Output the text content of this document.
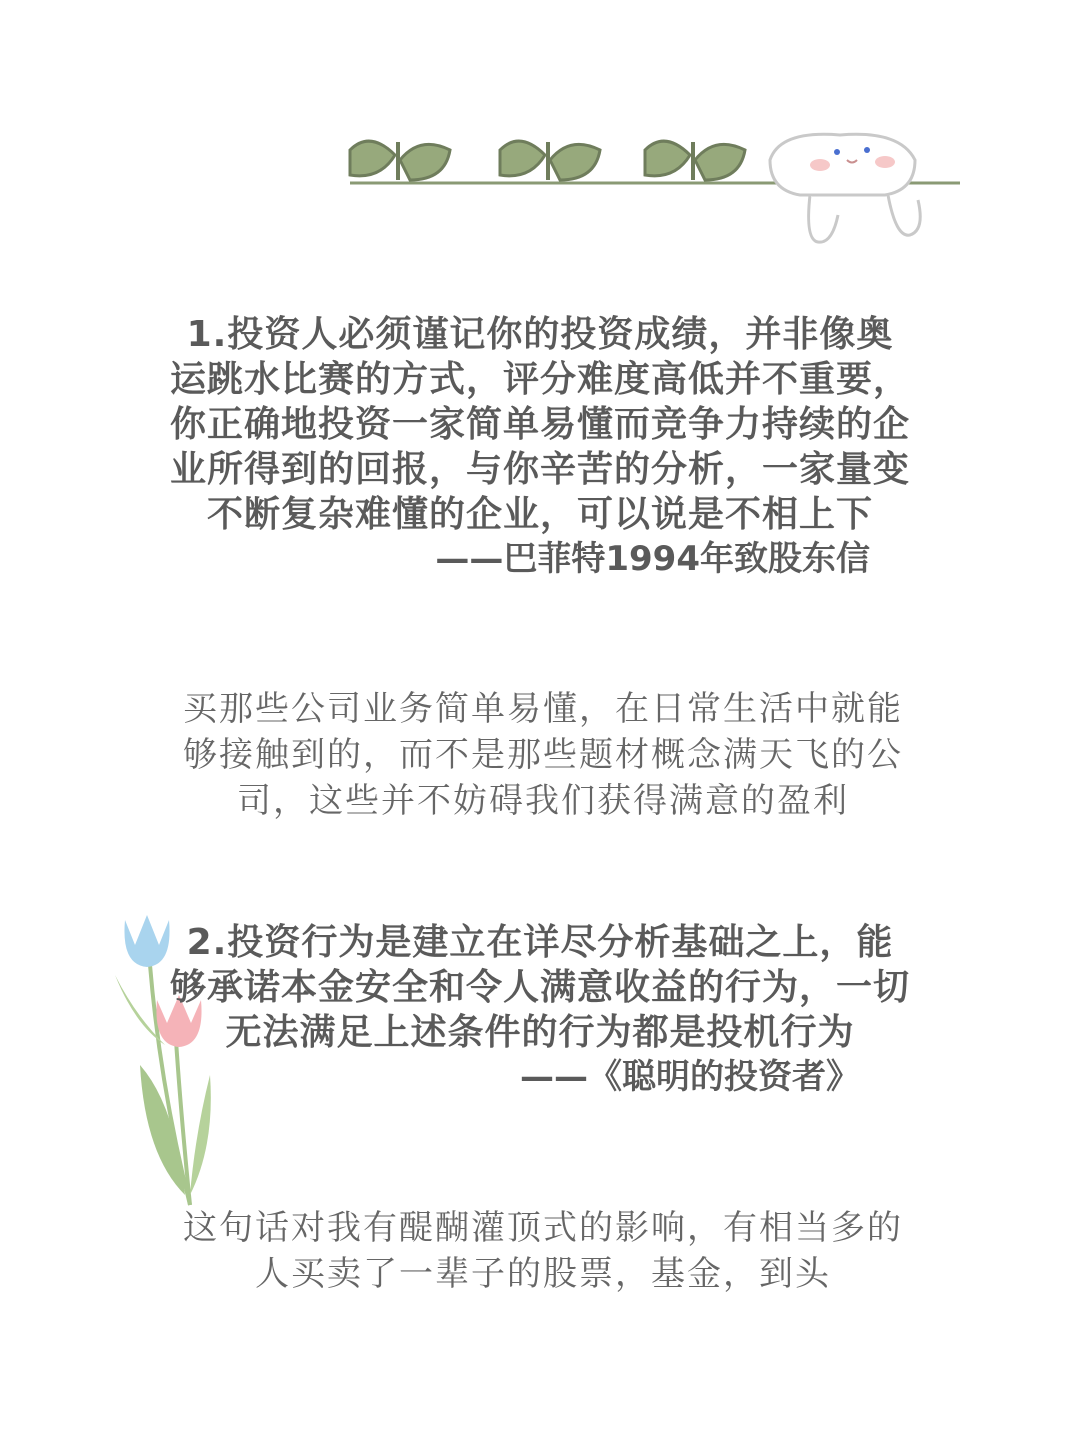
1.投资人必须谨记你的投资成绩，并非像奥运跳水比赛的方式，评分难度高低并不重要，你正确地投资一家简单易懂而竞争力持续的企业所得到的回报，与你辛苦的分析，一家量变不断复杂难懂的企业，可以说是不相上下

——巴菲特1994年致股东信

买那些公司业务简单易懂，在日常生活中就能够接触到的，而不是那些题材概念满天飞的公司，这些并不妨碍我们获得满意的盈利

2.投资行为是建立在详尽分析基础之上，能够承诺本金安全和令人满意收益的行为，一切无法满足上述条件的行为都是投机行为

——《聪明的投资者》

这句话对我有醍醐灌顶式的影响，有相当多的人买卖了一辈子的股票，基金，到头
